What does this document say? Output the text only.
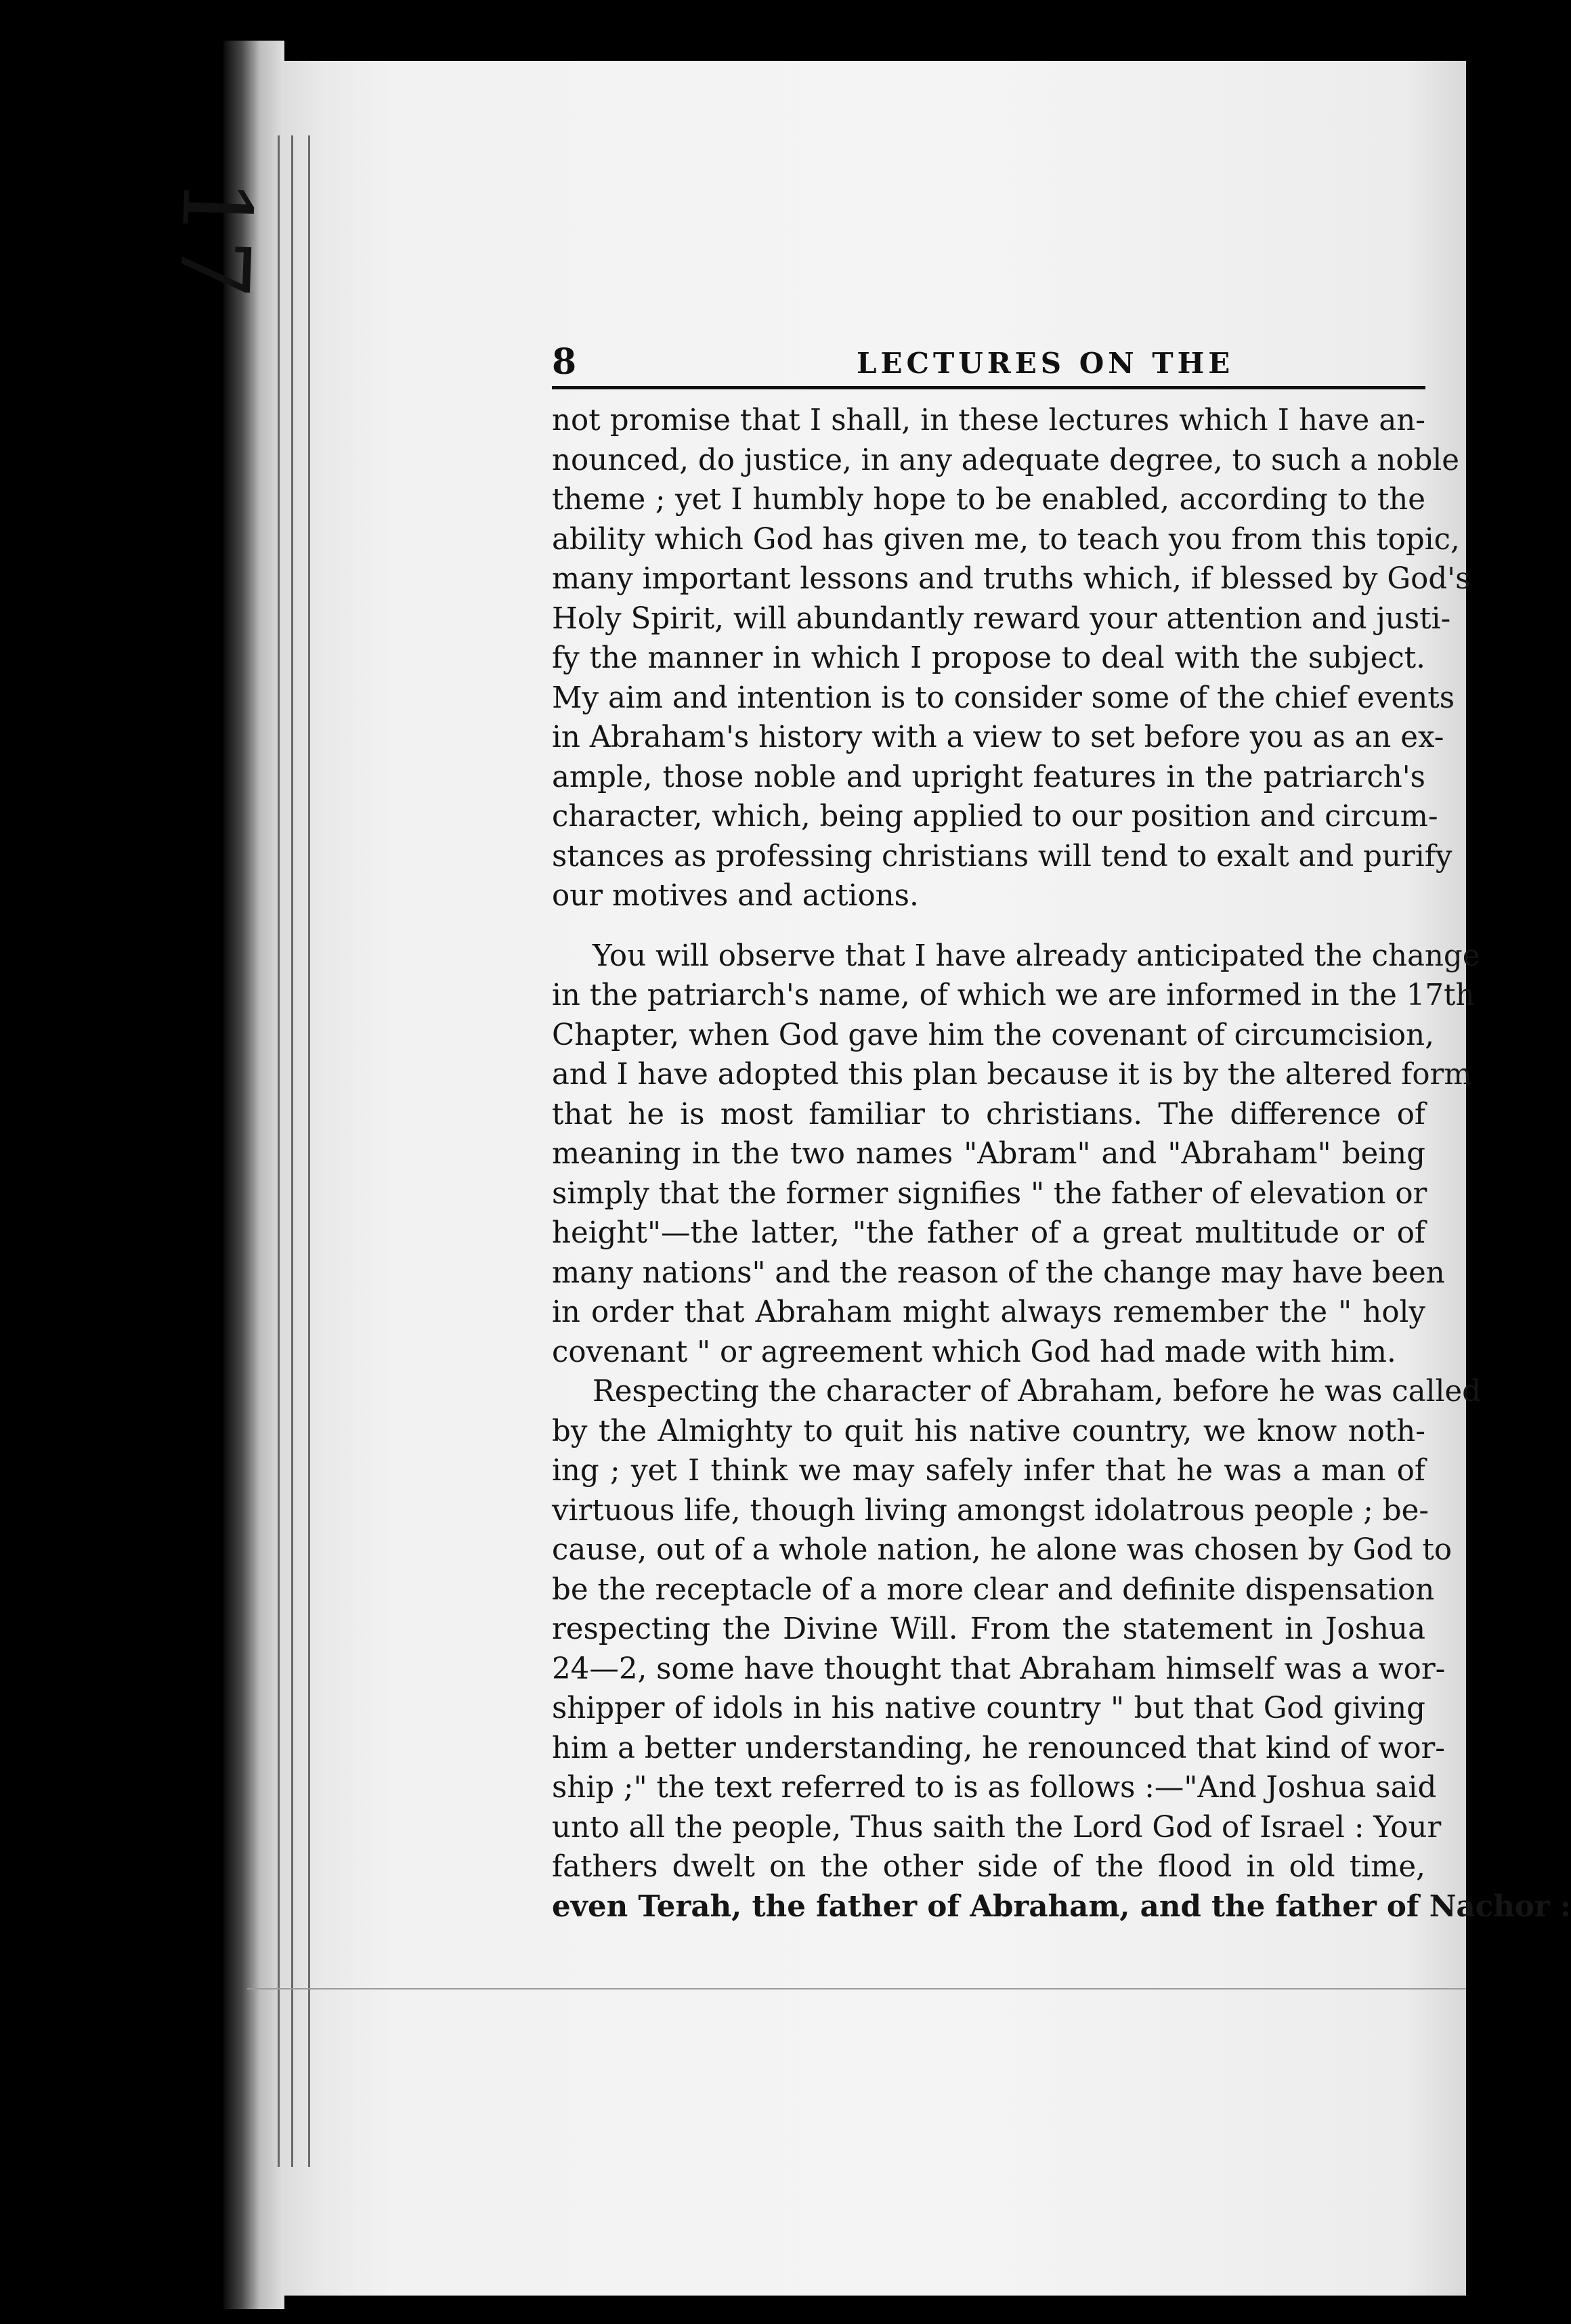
17
8	LECTURES ON THE
not promise that I shall, in these lectures which I have an-
nounced, do justice, in any adequate degree, to such a noble
theme ; yet I humbly hope to be enabled, according to the
ability which God has given me, to teach you from this topic,
many important lessons and truths which, if blessed by God's
Holy Spirit, will abundantly reward your attention and justi-
fy the manner in which I propose to deal with the subject.
My aim and intention is to consider some of the chief events
in Abraham's history with a view to set before you as an ex-
ample, those noble and upright features in the patriarch's
character, which, being applied to our position and circum-
stances as professing christians will tend to exalt and purify
our motives and actions.
You will observe that I have already anticipated the change
in the patriarch's name, of which we are informed in the 17th
Chapter, when God gave him the covenant of circumcision,
and I have adopted this plan because it is by the altered form
that he is most familiar to christians. The difference of
meaning in the two names "Abram" and "Abraham" being
simply that the former signifies " the father of elevation or
height"—the latter, "the father of a great multitude or of
many nations" and the reason of the change may have been
in order that Abraham might always remember the " holy
covenant " or agreement which God had made with him.
Respecting the character of Abraham, before he was called
by the Almighty to quit his native country, we know noth-
ing ; yet I think we may safely infer that he was a man of
virtuous life, though living amongst idolatrous people ; be-
cause, out of a whole nation, he alone was chosen by God to
be the receptacle of a more clear and definite dispensation
respecting the Divine Will. From the statement in Joshua
24—2, some have thought that Abraham himself was a wor-
shipper of idols in his native country " but that God giving
him a better understanding, he renounced that kind of wor-
ship ;" the text referred to is as follows :—"And Joshua said
unto all the people, Thus saith the Lord God of Israel : Your
fathers dwelt on the other side of the flood in old time,
even Terah, the father of Abraham, and the father of Nachor :
